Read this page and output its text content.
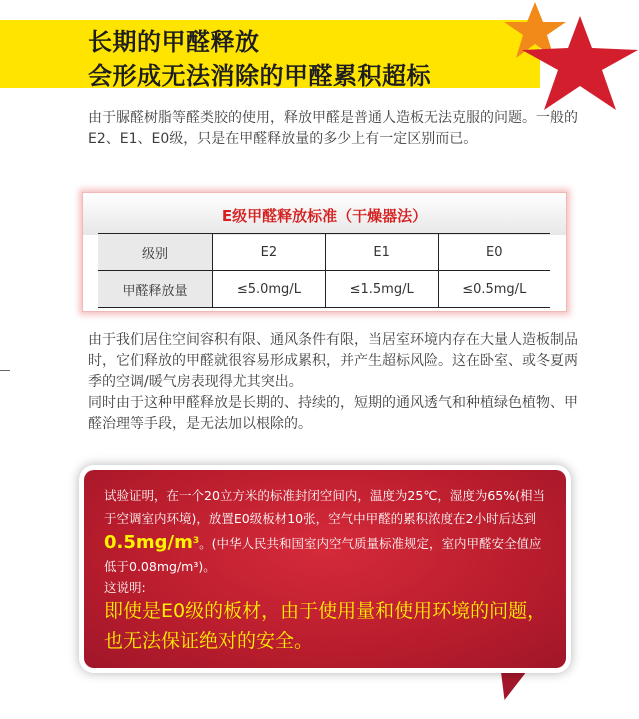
长期的甲醛释放
会形成无法消除的甲醛累积超标
由于脲醛树脂等醛类胶的使用，释放甲醛是普通人造板无法克服的问题。一般的E2、E1、E0级，只是在甲醛释放量的多少上有一定区别而已。
E级甲醛释放标准（干燥器法）
级别	E2	E1	E0
甲醛释放量	≤5.0mg/L	≤1.5mg/L	≤0.5mg/L
由于我们居住空间容积有限、通风条件有限，当居室环境内存在大量人造板制品时，它们释放的甲醛就很容易形成累积，并产生超标风险。这在卧室、或冬夏两季的空调/暖气房表现得尤其突出。
同时由于这种甲醛释放是长期的、持续的，短期的通风透气和种植绿色植物、甲醛治理等手段，是无法加以根除的。
试验证明，在一个20立方米的标准封闭空间内，温度为25℃，湿度为65%(相当于空调室内环境)，放置E0级板材10张，空气中甲醛的累积浓度在2小时后达到 $0.5mg/m^3$。(中华人民共和国室内空气质量标准规定，室内甲醛安全值应低于0.08mg/m³)。
这说明:
即使是E0级的板材，由于使用量和使用环境的问题，也无法保证绝对的安全。
